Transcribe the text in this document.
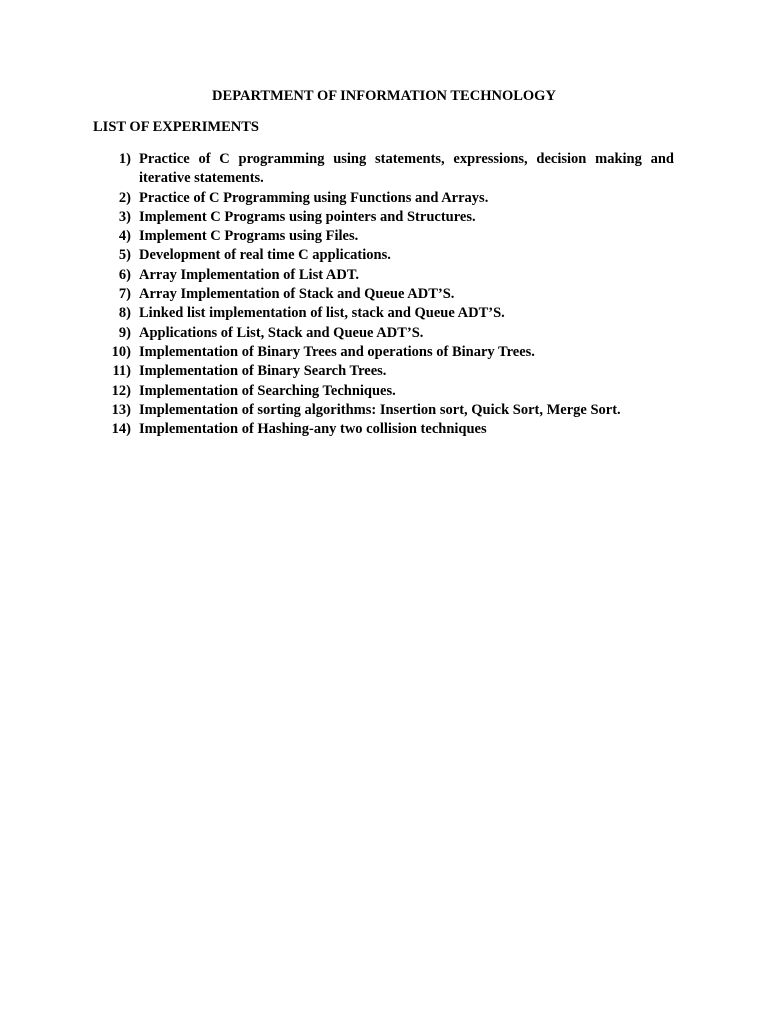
DEPARTMENT OF INFORMATION TECHNOLOGY
LIST OF EXPERIMENTS
1) Practice of C programming using statements, expressions, decision making and iterative statements.
2) Practice of C Programming using Functions and Arrays.
3) Implement C Programs using pointers and Structures.
4) Implement C Programs using Files.
5) Development of real time C applications.
6) Array Implementation of List ADT.
7) Array Implementation of Stack and Queue ADT’S.
8) Linked list implementation of list, stack and Queue ADT’S.
9) Applications of List, Stack and Queue ADT’S.
10) Implementation of Binary Trees and operations of Binary Trees.
11) Implementation of Binary Search Trees.
12) Implementation of Searching Techniques.
13) Implementation of sorting algorithms: Insertion sort, Quick Sort, Merge Sort.
14) Implementation of Hashing-any two collision techniques
